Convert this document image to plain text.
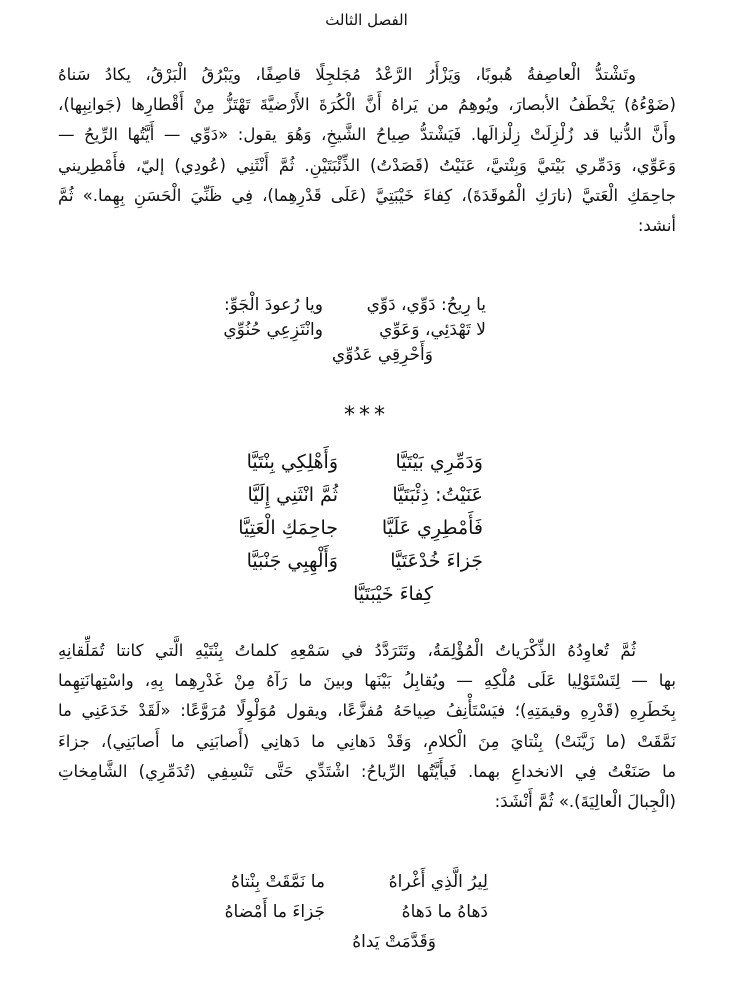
الفصل الثالث
وتَشْتدُّ الْعاصِفةُ هُبوبًا، وَيَزْأَرُ الرَّعْدُ مُجَلجِلًا قاصِفًا، ويَبْرُقُ الْبَرْقُ، يكادُ سَناهُ
(ضَوْءُهُ) يَخْطَفُ الأبصارَ، ويُوهِمُ من يَراهُ أَنَّ الْكُرَةَ الأَرْضيَّةَ تَهْتَزُّ مِنْ أَقْطارِها (جَوانِبِها)،
وأَنَّ الدُّنيا قد زُلْزِلَتْ زِلْزالَها. فَيَشْتدُّ صِياحُ الشَّيخِ، وَهُوَ يقول: «دَوِّي — أَيَّتُها الرِّيحُ —
وَعَوِّي، وَدَمِّري بَيْتيَّ وَبِنْتيَّ، عَنَيْتُ (قَصَدْتُ) الذِّئْبَتَيْنِ. ثُمَّ أَنْثَنِي (عُودِي) إليّ، فأَمْطِريني
جاحِمَكِ الْعَتيَّ (نارَكِ الْمُوقَدَةَ)، كِفاءَ خَيْبَتِيَّ (عَلَى قَدْرِهِما)، فِي ظَنِّيَ الْحَسَنِ بِهِما.» ثُمَّ
أنشد:
يا رِيحُ: دَوِّي، دَوِّي
ويا رُعودَ الْجَوِّ:
لا تَهْدَئِي، وَعَوِّي
وانْتَزِعِي حُنُوِّي
وَأَحْرِقِي عَدُوِّي
***
وَدَمِّرِي بَيْتَيَّا
وَأَهْلِكِي بِنْتَيَّا
عَنَيْتُ: ذِئْبَتَيَّا
ثُمَّ انْثَنِي إِلَيَّا
فَأَمْطِرِي عَلَيَّا
جاحِمَكِ الْعَتِيَّا
جَزاءَ خُدْعَتَيَّا
وَأَلْهِبِي جَنْبَيَّا
كِفاءَ خَيْبَتَيَّا
ثُمَّ تُعاوِدُهُ الذِّكْرَياتُ الْمُؤْلِمَةُ، وتَتَرَدَّدُ في سَمْعِهِ كلماتُ بِنْتَيْهِ الَّتي كانتا تُمَلِّقانِهِ
بها — لِتَسْتَوْلِيا عَلَى مُلْكِهِ — ويُقابِلُ بَيْنَها وبينَ ما رَآهُ مِنْ غَدْرِهِما بِهِ، واسْتِهانَتِهِما
بِخَطَرِهِ (قَدْرِهِ وقيمَتِهِ)؛ فيَسْتَأْنِفُ صِياحَهُ مُفزَّعًا، ويقول مُوَلْوِلًا مُرَوَّعًا: «لَقَدْ خَدَعَنِي ما
نَمَّقَتْ (ما زَيَّنَتْ) بِنْتايَ مِنَ الْكلامِ، وَقَدْ دَهانِي ما دَهانِي (أَصابَنِي ما أَصابَنِي)، جزاءَ
ما صَنَعْتُ فِي الانخداعِ بهما. فَيأَيَّتُها الرِّياحُ: اشْتَدِّي حَتَّى تَنْسِفِي (تُدَمِّرِي) الشَّامِخاتِ
(الْجِبالَ الْعالِيَةَ).» ثُمَّ أَنْشَدَ:
لِيرُ الَّذِي أَغْراهُ
ما نَمَّقَتْ بِنْتاهُ
دَهاهُ ما دَهاهُ
جَزاءَ ما أَمْضاهُ
وَقَدَّمَتْ يَداهُ
